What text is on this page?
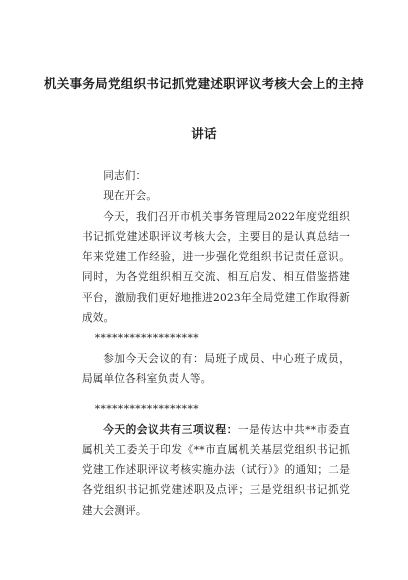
机关事务局党组织书记抓党建述职评议考核大会上的主持
讲话

同志们：

现在开会。

今天，我们召开市机关事务管理局2022年度党组织书记抓党建述职评议考核大会，主要目的是认真总结一年来党建工作经验，进一步强化党组织书记责任意识。同时，为各党组织相互交流、相互启发、相互借鉴搭建平台，激励我们更好地推进2023年全局党建工作取得新成效。

******************

参加今天会议的有：局班子成员、中心班子成员，局属单位各科室负责人等。

******************

今天的会议共有三项议程：一是传达中共**市委直属机关工委关于印发《**市直属机关基层党组织书记抓党建工作述职评议考核实施办法（试行）》的通知；二是各党组织书记抓党建述职及点评；三是党组织书记抓党建大会测评。
